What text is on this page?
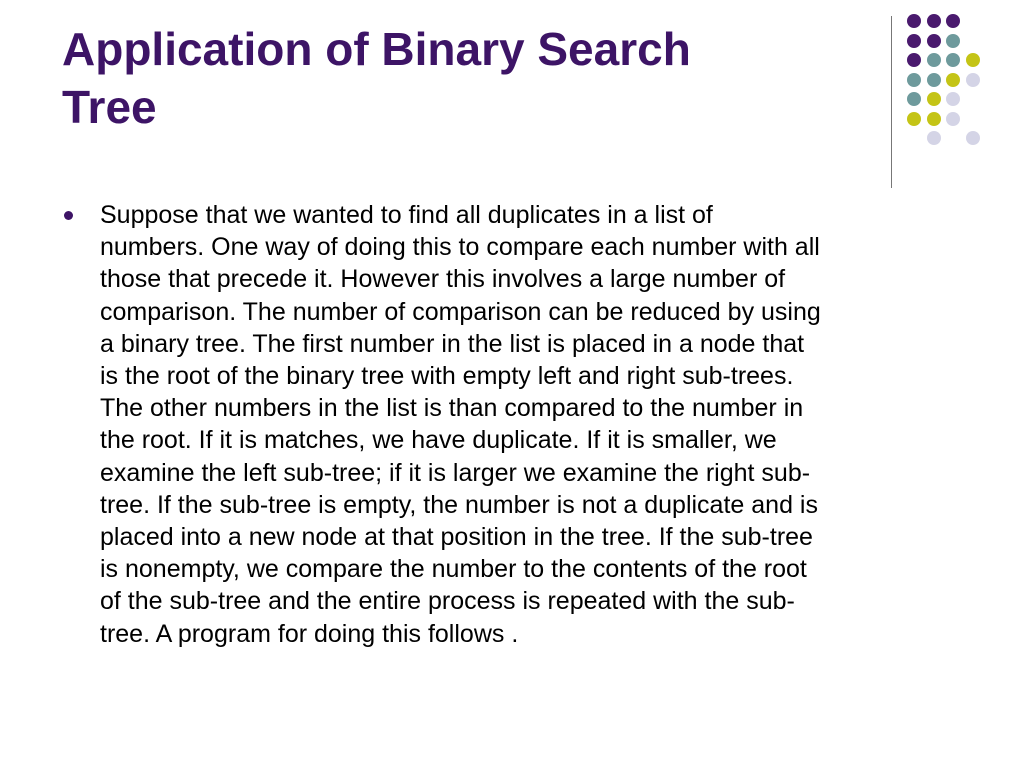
Application of Binary Search
Tree
Suppose that we wanted to find all duplicates in a list of
numbers. One way of doing this to compare each number with all
those that precede it. However this involves a large number of
comparison. The number of comparison can be reduced by using
a binary tree. The first number in the list is placed in a node that
is the root of the binary tree with empty left and right sub-trees.
The other numbers in the list is than compared to the number in
the root. If it is matches, we have duplicate. If it is smaller, we
examine the left sub-tree; if it is larger we examine the right sub-
tree. If the sub-tree is empty, the number is not a duplicate and is
placed into a new node at that position in the tree. If the sub-tree
is nonempty, we compare the number to the contents of the root
of the sub-tree and the entire process is repeated with the sub-
tree. A program for doing this follows .
